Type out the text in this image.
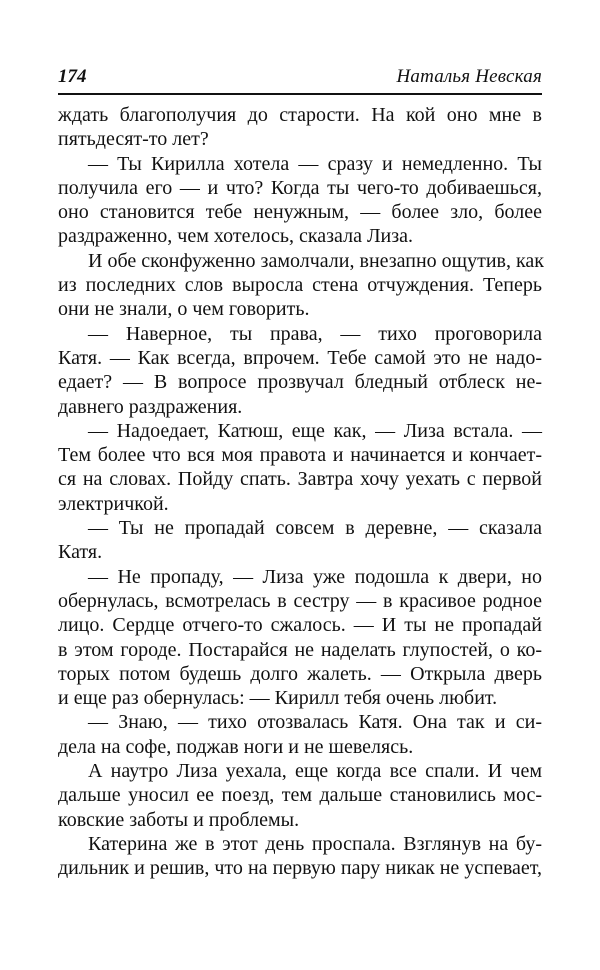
174	Наталья Невская
ждать благополучия до старости. На кой оно мне в
пятьдесят-то лет?
— Ты Кирилла хотела — сразу и немедленно. Ты
получила его — и что? Когда ты чего-то добиваешься,
оно становится тебе ненужным, — более зло, более
раздраженно, чем хотелось, сказала Лиза.
И обе сконфуженно замолчали, внезапно ощутив, как
из последних слов выросла стена отчуждения. Теперь
они не знали, о чем говорить.
— Наверное, ты права, — тихо проговорила
Катя. — Как всегда, впрочем. Тебе самой это не надо-
едает? — В вопросе прозвучал бледный отблеск не-
давнего раздражения.
— Надоедает, Катюш, еще как, — Лиза встала. —
Тем более что вся моя правота и начинается и кончает-
ся на словах. Пойду спать. Завтра хочу уехать с первой
электричкой.
— Ты не пропадай совсем в деревне, — сказала
Катя.
— Не пропаду, — Лиза уже подошла к двери, но
обернулась, всмотрелась в сестру — в красивое родное
лицо. Сердце отчего-то сжалось. — И ты не пропадай
в этом городе. Постарайся не наделать глупостей, о ко-
торых потом будешь долго жалеть. — Открыла дверь
и еще раз обернулась: — Кирилл тебя очень любит.
— Знаю, — тихо отозвалась Катя. Она так и си-
дела на софе, поджав ноги и не шевелясь.
А наутро Лиза уехала, еще когда все спали. И чем
дальше уносил ее поезд, тем дальше становились мос-
ковские заботы и проблемы.
Катерина же в этот день проспала. Взглянув на бу-
дильник и решив, что на первую пару никак не успевает,
